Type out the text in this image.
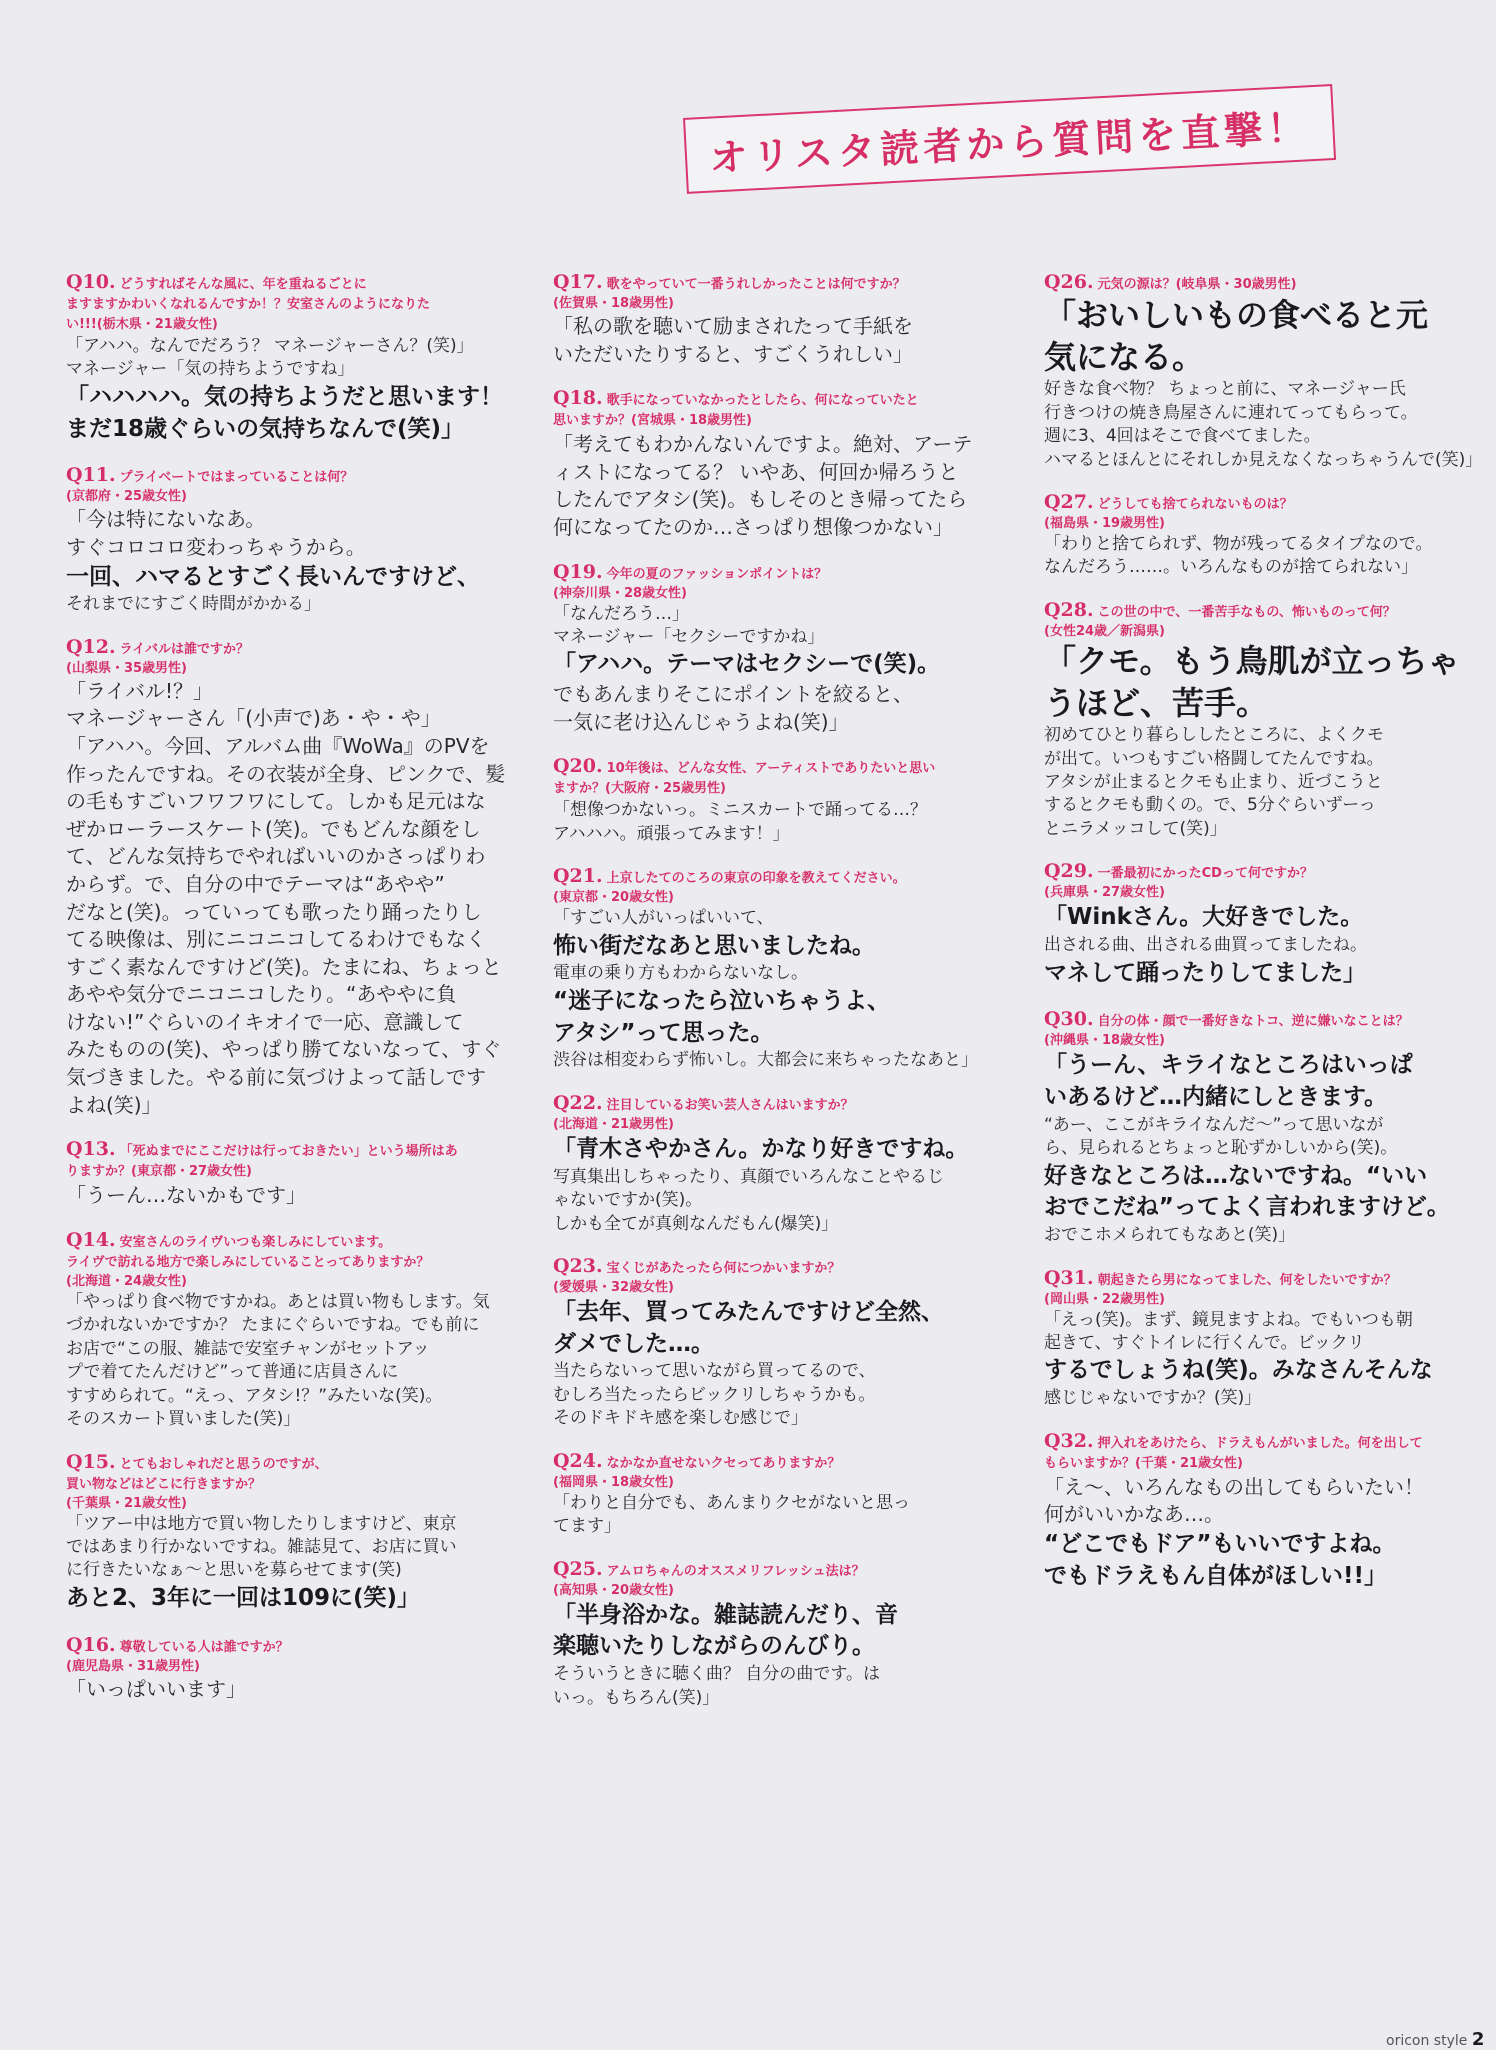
オリスタ読者から質問を直撃！
Q10. どうすればそんな風に、年を重ねるごとに
ますますかわいくなれるんですか！？安室さんのようになりた
い!!!(栃木県・21歳女性)
「アハハ。なんでだろう？ マネージャーさん？(笑)」
マネージャー「気の持ちようですね」
「ハハハハ。気の持ちようだと思います！
まだ18歳ぐらいの気持ちなんで(笑)」
Q11. プライベートではまっていることは何？
(京都府・25歳女性)
「今は特にないなあ。
すぐコロコロ変わっちゃうから。
一回、ハマるとすごく長いんですけど、
それまでにすごく時間がかかる」
Q12. ライバルは誰ですか？
(山梨県・35歳男性)
「ライバル!？」
マネージャーさん「(小声で)あ・や・や」
「アハハ。今回、アルバム曲『WoWa』のPVを
作ったんですね。その衣装が全身、ピンクで、髪
の毛もすごいフワフワにして。しかも足元はな
ぜかローラースケート(笑)。でもどんな顔をし
て、どんな気持ちでやればいいのかさっぱりわ
からず。で、自分の中でテーマは“あやや”
だなと(笑)。っていっても歌ったり踊ったりし
てる映像は、別にニコニコしてるわけでもなく
すごく素なんですけど(笑)。たまにね、ちょっと
あやや気分でニコニコしたり。“あややに負
けない!”ぐらいのイキオイで一応、意識して
みたものの(笑)、やっぱり勝てないなって、すぐ
気づきました。やる前に気づけよって話しです
よね(笑)」
Q13. 「死ぬまでにここだけは行っておきたい」という場所はあ
りますか？(東京都・27歳女性)
「うーん…ないかもです」
Q14. 安室さんのライヴいつも楽しみにしています。
ライヴで訪れる地方で楽しみにしていることってありますか？
(北海道・24歳女性)
「やっぱり食べ物ですかね。あとは買い物もします。気
づかれないかですか？ たまにぐらいですね。でも前に
お店で“この服、雑誌で安室チャンがセットアッ
プで着てたんだけど”って普通に店員さんに
すすめられて。“えっ、アタシ!？”みたいな(笑)。
そのスカート買いました(笑)」
Q15. とてもおしゃれだと思うのですが、
買い物などはどこに行きますか？
(千葉県・21歳女性)
「ツアー中は地方で買い物したりしますけど、東京
ではあまり行かないですね。雑誌見て、お店に買い
に行きたいなぁ～と思いを募らせてます(笑)
あと2、3年に一回は109に(笑)」
Q16. 尊敬している人は誰ですか？
(鹿児島県・31歳男性)
「いっぱいいます」
Q17. 歌をやっていて一番うれしかったことは何ですか？
(佐賀県・18歳男性)
「私の歌を聴いて励まされたって手紙を
いただいたりすると、すごくうれしい」
Q18. 歌手になっていなかったとしたら、何になっていたと
思いますか？(宮城県・18歳男性)
「考えてもわかんないんですよ。絶対、アーテ
ィストになってる？ いやあ、何回か帰ろうと
したんでアタシ(笑)。もしそのとき帰ってたら
何になってたのか…さっぱり想像つかない」
Q19. 今年の夏のファッションポイントは？
(神奈川県・28歳女性)
「なんだろう…」
マネージャー「セクシーですかね」
「アハハ。テーマはセクシーで(笑)。
でもあんまりそこにポイントを絞ると、
一気に老け込んじゃうよね(笑)」
Q20. 10年後は、どんな女性、アーティストでありたいと思い
ますか？(大阪府・25歳男性)
「想像つかないっ。ミニスカートで踊ってる…？
アハハハ。頑張ってみます！」
Q21. 上京したてのころの東京の印象を教えてください。
(東京都・20歳女性)
「すごい人がいっぱいいて、
怖い街だなあと思いましたね。
電車の乗り方もわからないなし。
“迷子になったら泣いちゃうよ、
アタシ”って思った。
渋谷は相変わらず怖いし。大都会に来ちゃったなあと」
Q22. 注目しているお笑い芸人さんはいますか？
(北海道・21歳男性)
「青木さやかさん。かなり好きですね。
写真集出しちゃったり、真顔でいろんなことやるじ
ゃないですか(笑)。
しかも全てが真剣なんだもん(爆笑)」
Q23. 宝くじがあたったら何につかいますか？
(愛媛県・32歳女性)
「去年、買ってみたんですけど全然、
ダメでした…。
当たらないって思いながら買ってるので、
むしろ当たったらビックリしちゃうかも。
そのドキドキ感を楽しむ感じで」
Q24. なかなか直せないクセってありますか？
(福岡県・18歳女性)
「わりと自分でも、あんまりクセがないと思っ
てます」
Q25. アムロちゃんのオススメリフレッシュ法は？
(高知県・20歳女性)
「半身浴かな。雑誌読んだり、音
楽聴いたりしながらのんびり。
そういうときに聴く曲？ 自分の曲です。は
いっ。もちろん(笑)」
Q26. 元気の源は？(岐阜県・30歳男性)
「おいしいもの食べると元
気になる。
好きな食べ物？ ちょっと前に、マネージャー氏
行きつけの焼き鳥屋さんに連れてってもらって。
週に3、4回はそこで食べてました。
ハマるとほんとにそれしか見えなくなっちゃうんで(笑)」
Q27. どうしても捨てられないものは？
(福島県・19歳男性)
「わりと捨てられず、物が残ってるタイプなので。
なんだろう……。いろんなものが捨てられない」
Q28. この世の中で、一番苦手なもの、怖いものって何？
(女性24歳／新潟県)
「クモ。もう鳥肌が立っちゃ
うほど、苦手。
初めてひとり暮らししたところに、よくクモ
が出て。いつもすごい格闘してたんですね。
アタシが止まるとクモも止まり、近づこうと
するとクモも動くの。で、5分ぐらいずーっ
とニラメッコして(笑)」
Q29. 一番最初にかったCDって何ですか？
(兵庫県・27歳女性)
「Winkさん。大好きでした。
出される曲、出される曲買ってましたね。
マネして踊ったりしてました」
Q30. 自分の体・顔で一番好きなトコ、逆に嫌いなことは？
(沖縄県・18歳女性)
「うーん、キライなところはいっぱ
いあるけど…内緒にしときます。
“あー、ここがキライなんだ～”って思いなが
ら、見られるとちょっと恥ずかしいから(笑)。
好きなところは…ないですね。“いい
おでこだね”ってよく言われますけど。
おでこホメられてもなあと(笑)」
Q31. 朝起きたら男になってました、何をしたいですか？
(岡山県・22歳男性)
「えっ(笑)。まず、鏡見ますよね。でもいつも朝
起きて、すぐトイレに行くんで。ビックリ
するでしょうね(笑)。みなさんそんな
感じじゃないですか？(笑)」
Q32. 押入れをあけたら、ドラえもんがいました。何を出して
もらいますか？(千葉・21歳女性)
「え～、いろんなもの出してもらいたい！
何がいいかなあ…。
“どこでもドア”もいいですよね。
でもドラえもん自体がほしい!!」
oricon style 2
